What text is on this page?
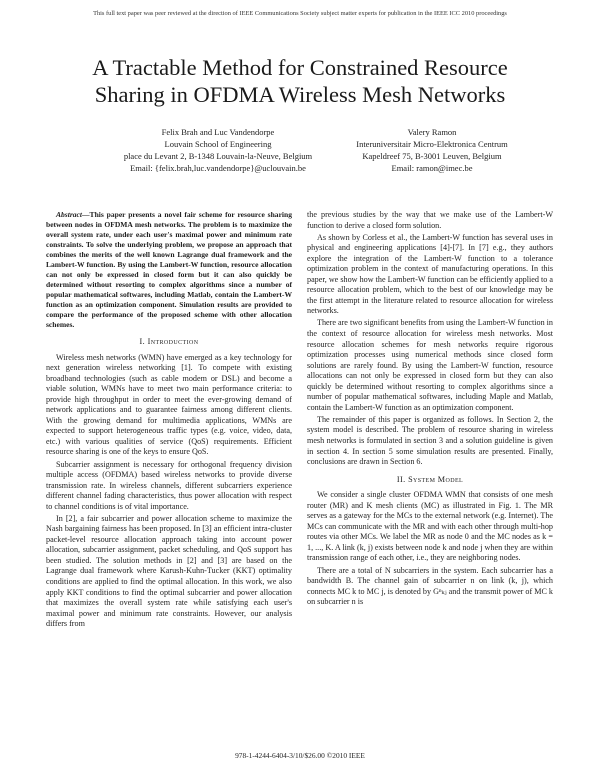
This full text paper was peer reviewed at the direction of IEEE Communications Society subject matter experts for publication in the IEEE ICC 2010 proceedings
A Tractable Method for Constrained Resource
Sharing in OFDMA Wireless Mesh Networks
Felix Brah and Luc Vandendorpe
Louvain School of Engineering
place du Levant 2, B-1348 Louvain-la-Neuve, Belgium
Email: {felix.brah,luc.vandendorpe}@uclouvain.be
Valery Ramon
Interuniversitair Micro-Elektronica Centrum
Kapeldreef 75, B-3001 Leuven, Belgium
Email: ramon@imec.be

Abstract—This paper presents a novel fair scheme for resource sharing between nodes in OFDMA mesh networks. The problem is to maximize the overall system rate, under each user's maximal power and minimum rate constraints. To solve the underlying problem, we propose an approach that combines the merits of the well known Lagrange dual framework and the Lambert-W function. By using the Lambert-W function, resource allocation can not only be expressed in closed form but it can also quickly be determined without resorting to complex algorithms since a number of popular mathematical softwares, including Matlab, contain the Lambert-W function as an optimization component. Simulation results are provided to compare the performance of the proposed scheme with other allocation schemes.

I. Introduction

Wireless mesh networks (WMN) have emerged as a key technology for next generation wireless networking [1]. To compete with existing broadband technologies (such as cable modem or DSL) and become a viable solution, WMNs have to meet two main performance criteria: to provide high throughput in order to meet the ever-growing demand of network applications and to guarantee fairness among different clients. With the growing demand for multimedia applications, WMNs are expected to support heterogeneous traffic types (e.g. voice, video, data, etc.) with various qualities of service (QoS) requirements. Efficient resource sharing is one of the keys to ensure QoS.

Subcarrier assignment is necessary for orthogonal frequency division multiple access (OFDMA) based wireless networks to provide diverse transmission rate. In wireless channels, different subcarriers experience different channel fading characteristics, thus power allocation with respect to channel conditions is of vital importance.

In [2], a fair subcarrier and power allocation scheme to maximize the Nash bargaining fairness has been proposed. In [3] an efficient intra-cluster packet-level resource allocation approach taking into account power allocation, subcarrier assignment, packet scheduling, and QoS support has been studied. The solution methods in [2] and [3] are based on the Lagrange dual framework where Karush-Kuhn-Tucker (KKT) optimality conditions are applied to find the optimal allocation. In this work, we also apply KKT conditions to find the optimal subcarrier and power allocation that maximizes the overall system rate while satisfying each user's maximal power and minimum rate constraints. However, our analysis differs from

the previous studies by the way that we make use of the Lambert-W function to derive a closed form solution.

As shown by Corless et al., the Lambert-W function has several uses in physical and engineering applications [4]-[7]. In [7] e.g., they authors explore the integration of the Lambert-W function to a tolerance optimization problem in the context of manufacturing operations. In this paper, we show how the Lambert-W function can be efficiently applied to a resource allocation problem, which to the best of our knowledge may be the first attempt in the literature related to resource allocation for wireless networks.

There are two significant benefits from using the Lambert-W function in the context of resource allocation for wireless mesh networks. Most resource allocation schemes for mesh networks require rigorous optimization processes using numerical methods since closed form solutions are rarely found. By using the Lambert-W function, resource allocations can not only be expressed in closed form but they can also quickly be determined without resorting to complex algorithms since a number of popular mathematical softwares, including Maple and Matlab, contain the Lambert-W function as an optimization component.

The remainder of this paper is organized as follows. In Section 2, the system model is described. The problem of resource sharing in wireless mesh networks is formulated in section 3 and a solution guideline is given in section 4. In section 5 some simulation results are presented. Finally, conclusions are drawn in Section 6.

II. System Model

We consider a single cluster OFDMA WMN that consists of one mesh router (MR) and K mesh clients (MC) as illustrated in Fig. 1. The MR serves as a gateway for the MCs to the external network (e.g. Internet). The MCs can communicate with the MR and with each other through multi-hop routes via other MCs. We label the MR as node 0 and the MC nodes as k = 1, ..., K. A link (k, j) exists between node k and node j when they are within transmission range of each other, i.e., they are neighboring nodes.

There are a total of N subcarriers in the system. Each subcarrier has a bandwidth B. The channel gain of subcarrier n on link (k, j), which connects MC k to MC j, is denoted by Gⁿₖⱼ and the transmit power of MC k on subcarrier n is

978-1-4244-6404-3/10/$26.00 ©2010 IEEE
